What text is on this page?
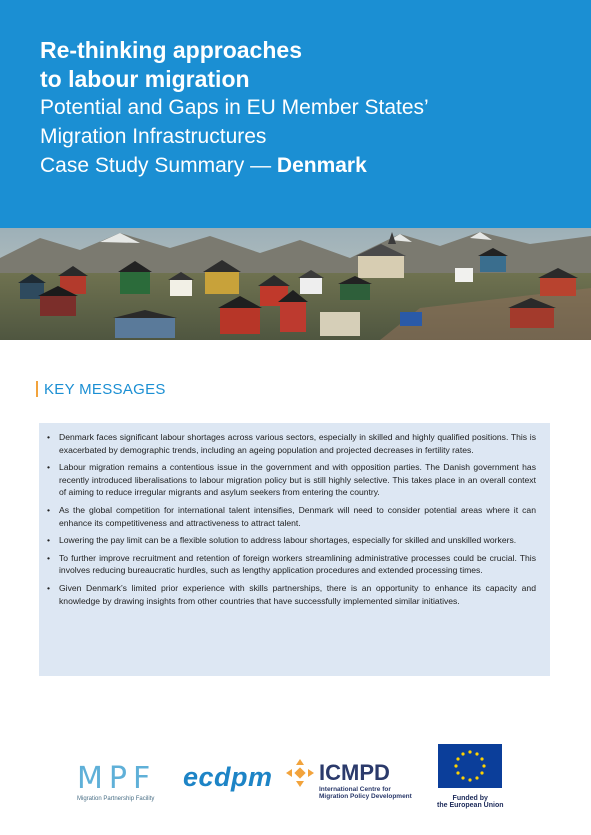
Re-thinking approaches
to labour migration
Potential and Gaps in EU Member States’
Migration Infrastructures
Case Study Summary — Denmark
KEY MESSAGES
• Denmark faces significant labour shortages across various sectors, especially in skilled and highly qualified positions. This is exacerbated by demographic trends, including an ageing population and projected decreases in fertility rates.
• Labour migration remains a contentious issue in the government and with opposition parties. The Danish government has recently introduced liberalisations to labour migration policy but is still highly selective. This takes place in an overall context of aiming to reduce irregular migrants and asylum seekers from entering the country.
• As the global competition for international talent intensifies, Denmark will need to consider potential areas where it can enhance its competitiveness and attractiveness to attract talent.
• Lowering the pay limit can be a flexible solution to address labour shortages, especially for skilled and unskilled workers.
• To further improve recruitment and retention of foreign workers streamlining administrative processes could be crucial. This involves reducing bureaucratic hurdles, such as lengthy application procedures and extended processing times.
• Given Denmark’s limited prior experience with skills partnerships, there is an opportunity to enhance its capacity and knowledge by drawing insights from other countries that have successfully implemented similar initiatives.
MPF
Migration Partnership Facility
ecdpm ICMPD
International Centre for
Migration Policy Development	Funded by
the European Union
